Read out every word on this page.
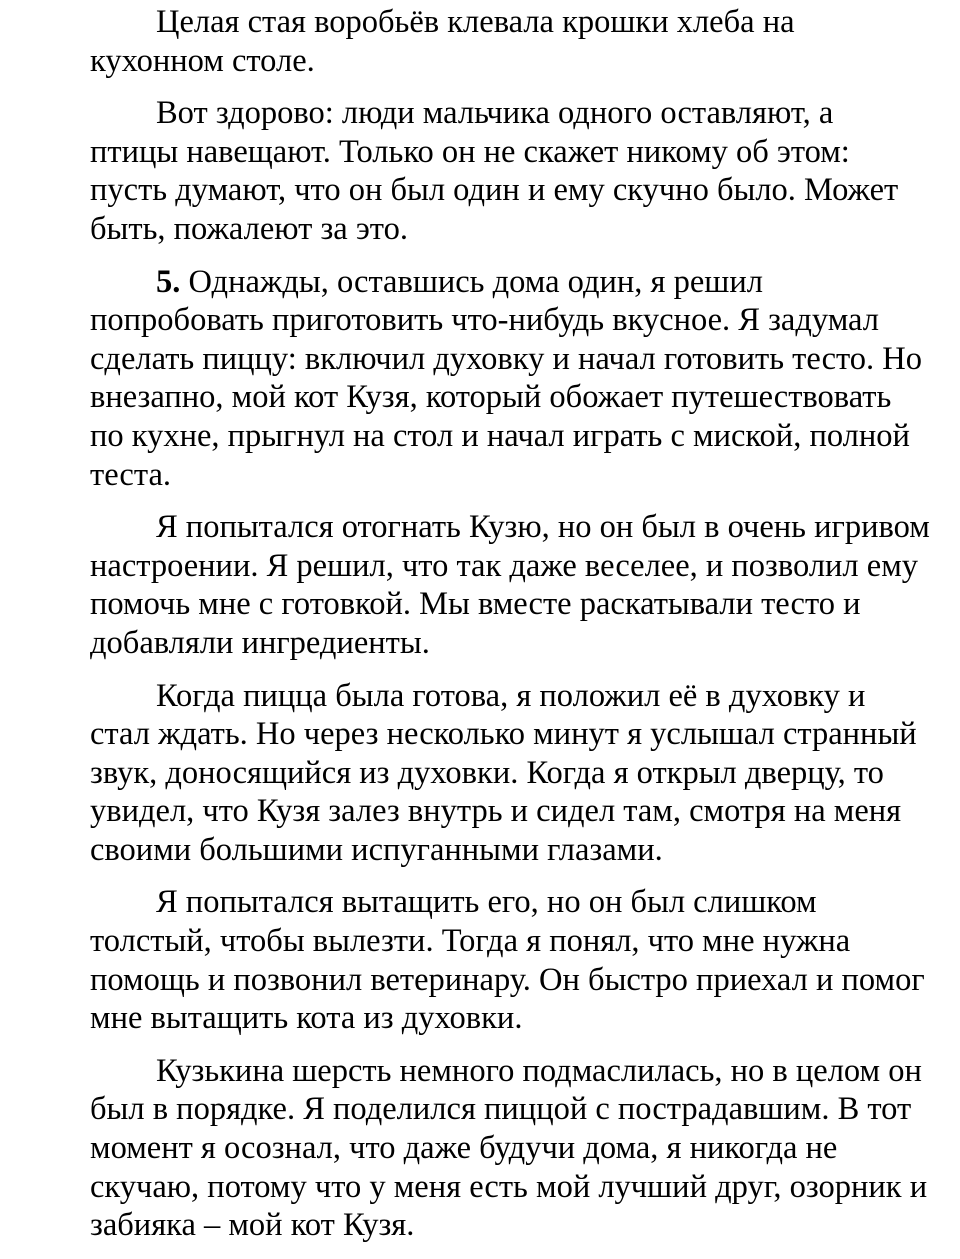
Целая стая воробьёв клевала крошки хлеба на
кухонном столе.

Вот здорово: люди мальчика одного оставляют, а
птицы навещают. Только он не скажет никому об этом:
пусть думают, что он был один и ему скучно было. Может
быть, пожалеют за это.

5. Однажды, оставшись дома один, я решил
попробовать приготовить что-нибудь вкусное. Я задумал
сделать пиццу: включил духовку и начал готовить тесто. Но
внезапно, мой кот Кузя, который обожает путешествовать
по кухне, прыгнул на стол и начал играть с миской, полной
теста.

Я попытался отогнать Кузю, но он был в очень игривом
настроении. Я решил, что так даже веселее, и позволил ему
помочь мне с готовкой. Мы вместе раскатывали тесто и
добавляли ингредиенты.

Когда пицца была готова, я положил её в духовку и
стал ждать. Но через несколько минут я услышал странный
звук, доносящийся из духовки. Когда я открыл дверцу, то
увидел, что Кузя залез внутрь и сидел там, смотря на меня
своими большими испуганными глазами.

Я попытался вытащить его, но он был слишком
толстый, чтобы вылезти. Тогда я понял, что мне нужна
помощь и позвонил ветеринару. Он быстро приехал и помог
мне вытащить кота из духовки.

Кузькина шерсть немного подмаслилась, но в целом он
был в порядке. Я поделился пиццой с пострадавшим. В тот
момент я осознал, что даже будучи дома, я никогда не
скучаю, потому что у меня есть мой лучший друг, озорник и
забияка – мой кот Кузя.
